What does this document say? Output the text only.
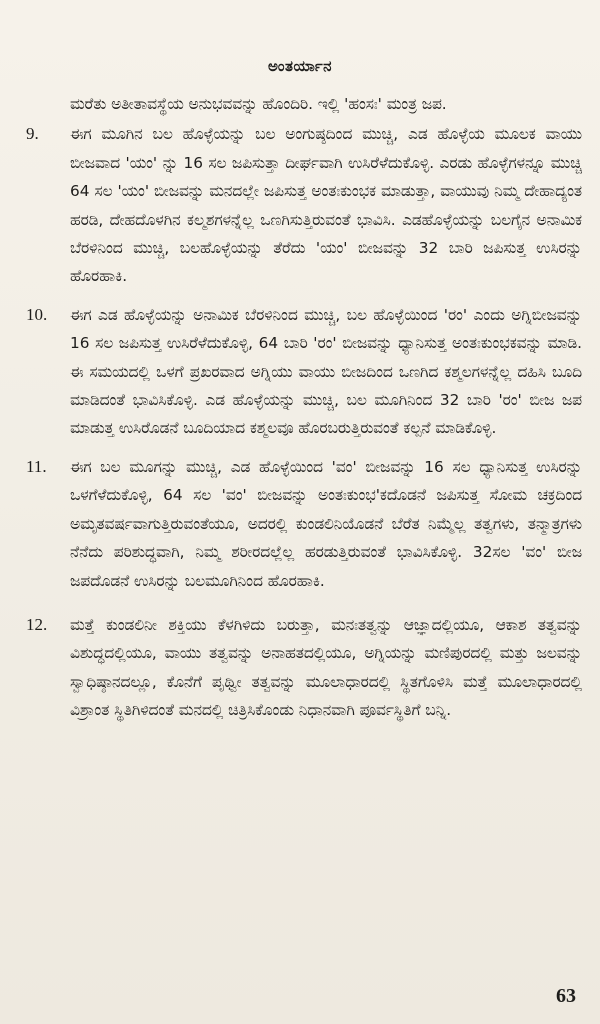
ಅಂತರ್ಯಾನ

ಮರೆತು ಅತೀತಾವಸ್ಥೆಯ ಅನುಭವವನ್ನು ಹೊಂದಿರಿ. ಇಲ್ಲಿ 'ಹಂಸಃ' ಮಂತ್ರ ಜಪ.

9.	ಈಗ ಮೂಗಿನ ಬಲ ಹೊಳ್ಳೆಯನ್ನು ಬಲ ಅಂಗುಷ್ಠದಿಂದ ಮುಚ್ಚಿ, ಎಡ ಹೊಳ್ಳೆಯ ಮೂಲಕ ವಾಯು ಬೀಜವಾದ 'ಯಂ' ನ್ನು 16 ಸಲ ಜಪಿಸುತ್ತಾ ದೀರ್ಘವಾಗಿ ಉಸಿರೆಳೆದುಕೊಳ್ಳಿ. ಎರಡು ಹೊಳ್ಳೆಗಳನ್ನೂ ಮುಚ್ಚಿ 64 ಸಲ 'ಯಂ' ಬೀಜವನ್ನು ಮನದಲ್ಲೇ ಜಪಿಸುತ್ತ ಅಂತಃಕುಂಭಕ ಮಾಡುತ್ತಾ, ವಾಯುವು ನಿಮ್ಮ ದೇಹಾದ್ಯಂತ ಹರಡಿ, ದೇಹದೊಳಗಿನ ಕಲ್ಮಶಗಳನ್ನೆಲ್ಲ ಒಣಗಿಸುತ್ತಿರುವಂತೆ ಭಾವಿಸಿ. ಎಡಹೊಳ್ಳೆಯನ್ನು ಬಲಗೈನ ಅನಾಮಿಕ ಬೆರಳಿನಿಂದ ಮುಚ್ಚಿ, ಬಲಹೊಳ್ಳೆಯನ್ನು ತೆರೆದು 'ಯಂ' ಬೀಜವನ್ನು 32 ಬಾರಿ ಜಪಿಸುತ್ತ ಉಸಿರನ್ನು ಹೊರಹಾಕಿ.
10.	ಈಗ ಎಡ ಹೊಳ್ಳೆಯನ್ನು ಅನಾಮಿಕ ಬೆರಳಿನಿಂದ ಮುಚ್ಚಿ, ಬಲ ಹೊಳ್ಳೆಯಿಂದ 'ರಂ' ಎಂದು ಅಗ್ನಿಬೀಜವನ್ನು 16 ಸಲ ಜಪಿಸುತ್ತ ಉಸಿರೆಳೆದುಕೊಳ್ಳಿ, 64 ಬಾರಿ 'ರಂ' ಬೀಜವನ್ನು ಧ್ಯಾನಿಸುತ್ತ ಅಂತಃಕುಂಭಕವನ್ನು ಮಾಡಿ. ಈ ಸಮಯದಲ್ಲಿ ಒಳಗೆ ಪ್ರಖರವಾದ ಅಗ್ನಿಯು ವಾಯು ಬೀಜದಿಂದ ಒಣಗಿದ ಕಶ್ಮಲಗಳನ್ನೆಲ್ಲ ದಹಿಸಿ ಬೂದಿ ಮಾಡಿದಂತೆ ಭಾವಿಸಿಕೊಳ್ಳಿ. ಎಡ ಹೊಳ್ಳೆಯನ್ನು ಮುಚ್ಚಿ, ಬಲ ಮೂಗಿನಿಂದ 32 ಬಾರಿ 'ರಂ' ಬೀಜ ಜಪ ಮಾಡುತ್ತ ಉಸಿರೊಡನೆ ಬೂದಿಯಾದ ಕಶ್ಮಲವೂ ಹೊರಬರುತ್ತಿರುವಂತೆ ಕಲ್ಪನೆ ಮಾಡಿಕೊಳ್ಳಿ.
11.	ಈಗ ಬಲ ಮೂಗನ್ನು ಮುಚ್ಚಿ, ಎಡ ಹೊಳ್ಳೆಯಿಂದ 'ವಂ' ಬೀಜವನ್ನು 16 ಸಲ ಧ್ಯಾನಿಸುತ್ತ ಉಸಿರನ್ನು ಒಳಗೆಳೆದುಕೊಳ್ಳಿ, 64 ಸಲ 'ವಂ' ಬೀಜವನ್ನು ಅಂತಃಕುಂಭ'ಕದೊಡನೆ ಜಪಿಸುತ್ತ ಸೋಮ ಚಕ್ರದಿಂದ ಅಮೃತವರ್ಷವಾಗುತ್ತಿರುವಂತೆಯೂ, ಅದರಲ್ಲಿ ಕುಂಡಲಿನಿಯೊಡನೆ ಬೆರೆತ ನಿಮ್ಮೆಲ್ಲ ತತ್ವಗಳು, ತನ್ಮಾತ್ರಗಳು ನೆನೆದು ಪರಿಶುದ್ಧವಾಗಿ, ನಿಮ್ಮ ಶರೀರದಲ್ಲೆಲ್ಲ ಹರಡುತ್ತಿರುವಂತೆ ಭಾವಿಸಿಕೊಳ್ಳಿ. 32ಸಲ 'ವಂ' ಬೀಜ ಜಪದೊಡನೆ ಉಸಿರನ್ನು ಬಲಮೂಗಿನಿಂದ ಹೊರಹಾಕಿ.
12.	ಮತ್ತೆ ಕುಂಡಲಿನೀ ಶಕ್ತಿಯು ಕೆಳಗಿಳಿದು ಬರುತ್ತಾ, ಮನಃತತ್ವನ್ನು ಆಜ್ಞಾದಲ್ಲಿಯೂ, ಆಕಾಶ ತತ್ವವನ್ನು ವಿಶುದ್ಧದಲ್ಲಿಯೂ, ವಾಯು ತತ್ವವನ್ನು ಅನಾಹತದಲ್ಲಿಯೂ, ಅಗ್ನಿಯನ್ನು ಮಣಿಪುರದಲ್ಲಿ ಮತ್ತು ಜಲವನ್ನು ಸ್ವಾಧಿಷ್ಠಾನದಲ್ಲೂ, ಕೊನೆಗೆ ಪೃಥ್ವೀ ತತ್ವವನ್ನು ಮೂಲಾಧಾರದಲ್ಲಿ ಸ್ಥಿತಗೊಳಿಸಿ ಮತ್ತೆ ಮೂಲಾಧಾರದಲ್ಲಿ ವಿಶ್ರಾಂತ ಸ್ಥಿತಿಗಿಳಿದಂತೆ ಮನದಲ್ಲಿ ಚಿತ್ರಿಸಿಕೊಂಡು ನಿಧಾನವಾಗಿ ಪೂರ್ವಸ್ಥಿತಿಗೆ ಬನ್ನಿ.
63
